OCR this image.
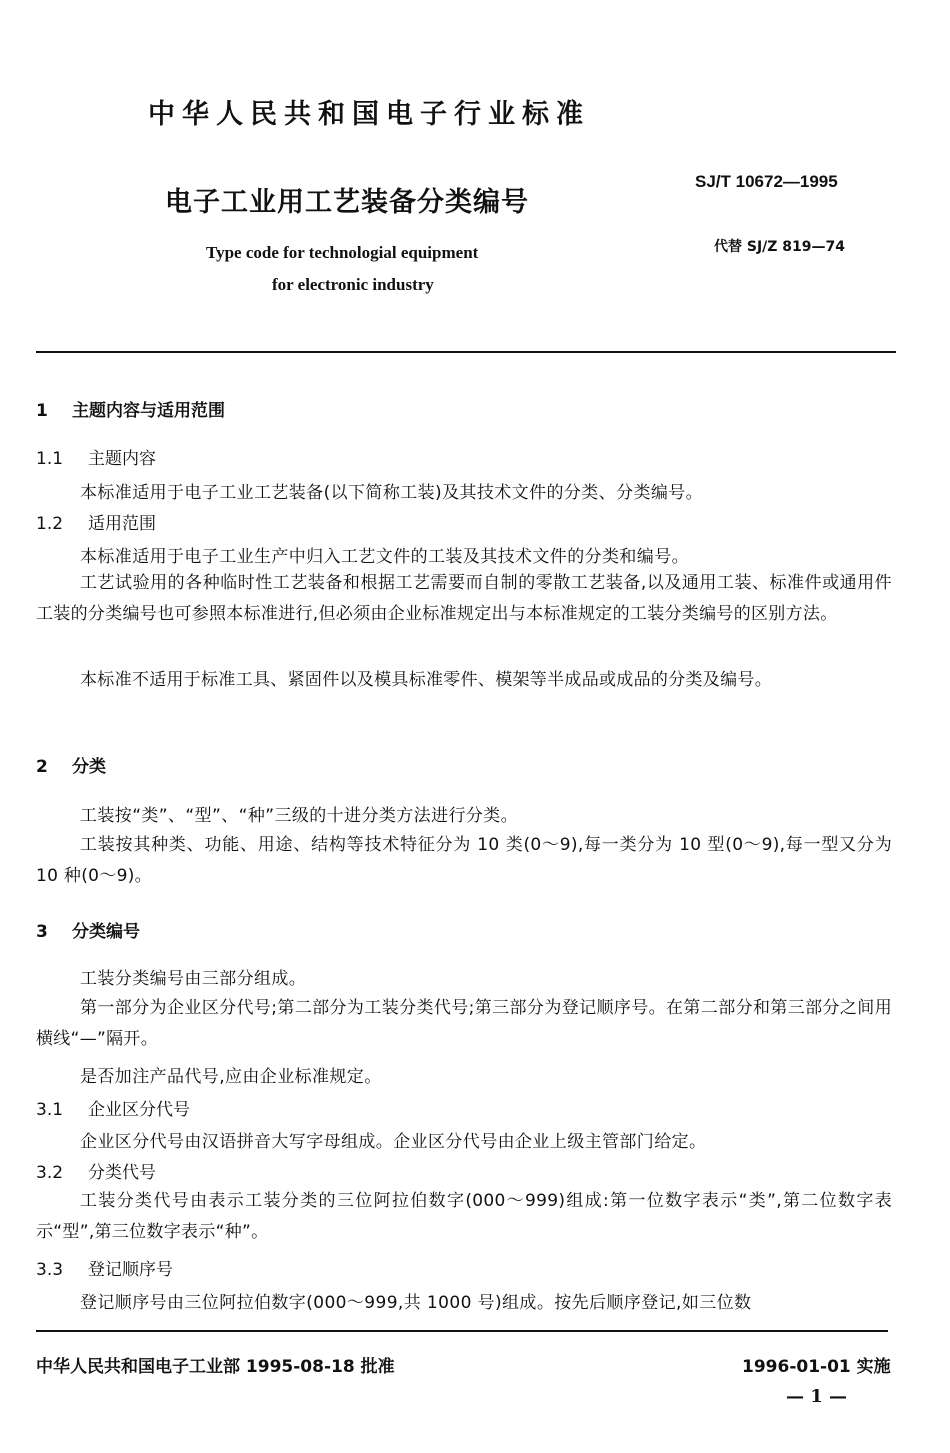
中华人民共和国电子行业标准
电子工业用工艺装备分类编号
SJ/T 10672—1995
Type code for technologial equipment
for electronic industry
代替 SJ/Z 819—74
1 主题内容与适用范围
1.1 主题内容
本标准适用于电子工业工艺装备(以下简称工装)及其技术文件的分类、分类编号。
1.2 适用范围
本标准适用于电子工业生产中归入工艺文件的工装及其技术文件的分类和编号。
工艺试验用的各种临时性工艺装备和根据工艺需要而自制的零散工艺装备,以及通用工装、标准件或通用件工装的分类编号也可参照本标准进行,但必须由企业标准规定出与本标准规定的工装分类编号的区别方法。
本标准不适用于标准工具、紧固件以及模具标准零件、模架等半成品或成品的分类及编号。
2 分类
工装按“类”、“型”、“种”三级的十进分类方法进行分类。
工装按其种类、功能、用途、结构等技术特征分为 10 类(0～9),每一类分为 10 型(0～9),每一型又分为 10 种(0～9)。
3 分类编号
工装分类编号由三部分组成。
第一部分为企业区分代号;第二部分为工装分类代号;第三部分为登记顺序号。在第二部分和第三部分之间用横线“—”隔开。
是否加注产品代号,应由企业标准规定。
3.1 企业区分代号
企业区分代号由汉语拼音大写字母组成。企业区分代号由企业上级主管部门给定。
3.2 分类代号
工装分类代号由表示工装分类的三位阿拉伯数字(000～999)组成:第一位数字表示“类”,第二位数字表示“型”,第三位数字表示“种”。
3.3 登记顺序号
登记顺序号由三位阿拉伯数字(000～999,共 1000 号)组成。按先后顺序登记,如三位数
中华人民共和国电子工业部 1995-08-18 批准	1996-01-01 实施
— 1 —
